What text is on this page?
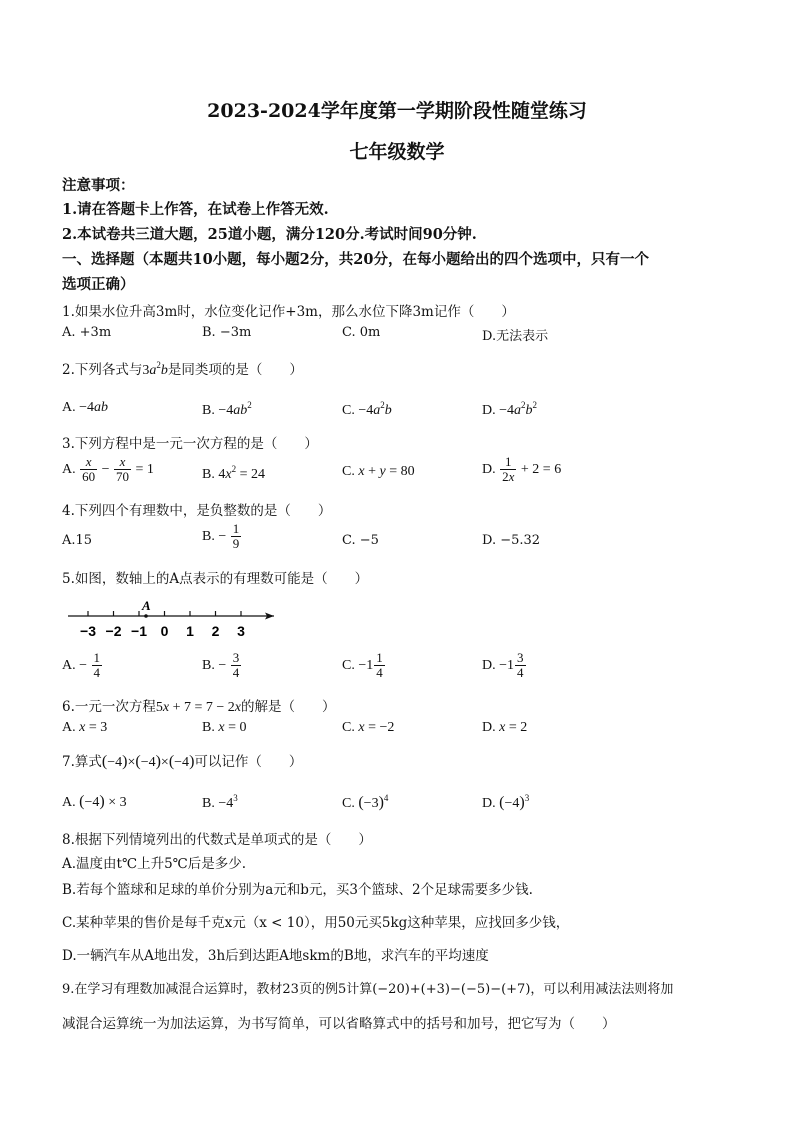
2023-2024学年度第一学期阶段性随堂练习
七年级数学
注意事项：
1.请在答题卡上作答，在试卷上作答无效.
2.本试卷共三道大题，25道小题，满分120分.考试时间90分钟.
一、选择题（本题共10小题，每小题2分，共20分，在每小题给出的四个选项中，只有一个
选项正确）
1.如果水位升高3m时，水位变化记作+3m，那么水位下降3m记作（　　）
A. +3m	B. −3m	C. 0m	D.无法表示
2.下列各式与$3a^2b$是同类项的是（　　）
A. −4ab	B. $-4ab^2$	C. $-4a^2b$	D. $-4a^2b^2$
3.下列方程中是一元一次方程的是（　　）
A. $\frac{x}{60} - \frac{x}{70} = 1$	B. $4x^2 = 24$	C. x + y = 80	D. $\frac{1}{2x} + 2 = 6$
4.下列四个有理数中，是负整数的是（　　）
A.15	B. − $\frac{1}{9}$	C. −5	D. −5.32
5.如图，数轴上的A点表示的有理数可能是（　　）
−3 −2 −1 0 1 2 3
A
A. − $\frac{1}{4}$	B. − $\frac{3}{4}$	C. $-1 \frac{1}{4}$	D. $-1 \frac{3}{4}$
6.一元一次方程5x + 7 = 7 − 2x的解是（　　）
A. x = 3	B. x = 0	C. x = −2	D. x = 2
7.算式(−4)×(−4)×(−4)可以记作（　　）
A. (−4) × 3	B. $-4^3$	C. $(-3)^4$	D. $(-4)^3$
8.根据下列情境列出的代数式是单项式的是（　　）
A.温度由t℃上升5℃后是多少.
B.若每个篮球和足球的单价分别为a元和b元，买3个篮球、2个足球需要多少钱.
C.某种苹果的售价是每千克x元（x < 10），用50元买5kg这种苹果，应找回多少钱，
D.一辆汽车从A地出发，3h后到达距A地skm的B地，求汽车的平均速度
9.在学习有理数加减混合运算时，教材23页的例5计算(−20)+(+3)−(−5)−(+7)，可以利用减法法则将加
减混合运算统一为加法运算，为书写简单，可以省略算式中的括号和加号，把它写为（　　）
